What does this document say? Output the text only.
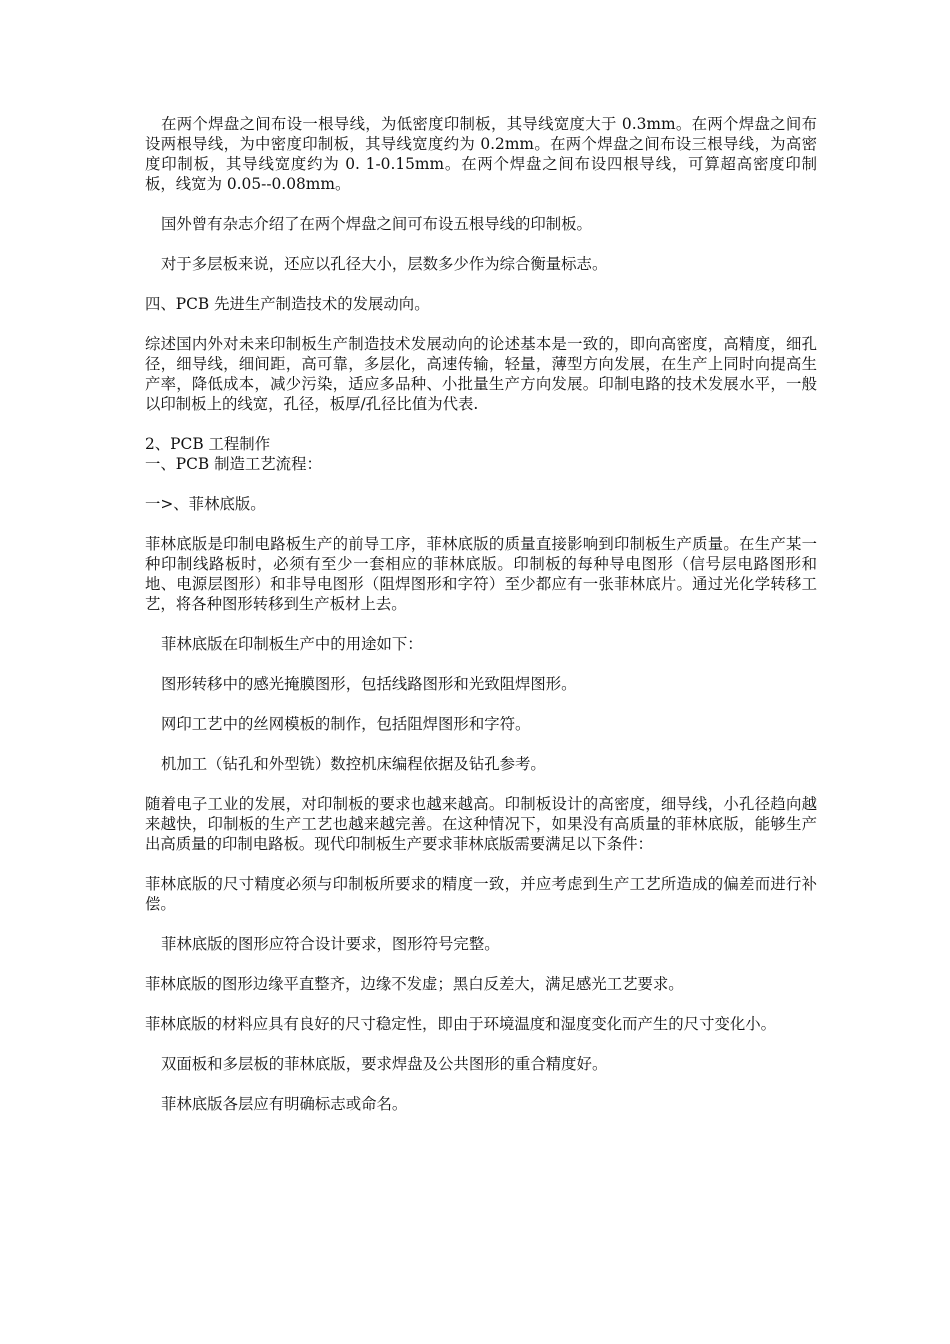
在两个焊盘之间布设一根导线，为低密度印制板，其导线宽度大于 0.3mm。在两个焊盘之间布设两根导线，为中密度印制板，其导线宽度约为 0.2mm。在两个焊盘之间布设三根导线，为高密度印制板，其导线宽度约为 0. 1-0.15mm。在两个焊盘之间布设四根导线，可算超高密度印制板，线宽为 0.05--0.08mm。

国外曾有杂志介绍了在两个焊盘之间可布设五根导线的印制板。

对于多层板来说，还应以孔径大小，层数多少作为综合衡量标志。

四、PCB 先进生产制造技术的发展动向。

综述国内外对未来印制板生产制造技术发展动向的论述基本是一致的，即向高密度，高精度，细孔径，细导线，细间距，高可靠，多层化，高速传输，轻量，薄型方向发展，在生产上同时向提高生产率，降低成本，减少污染，适应多品种、小批量生产方向发展。印制电路的技术发展水平，一般以印制板上的线宽，孔径，板厚/孔径比值为代表.

2、PCB 工程制作

一、PCB 制造工艺流程：

一>、菲林底版。

菲林底版是印制电路板生产的前导工序，菲林底版的质量直接影响到印制板生产质量。在生产某一种印制线路板时，必须有至少一套相应的菲林底版。印制板的每种导电图形（信号层电路图形和地、电源层图形）和非导电图形（阻焊图形和字符）至少都应有一张菲林底片。通过光化学转移工艺，将各种图形转移到生产板材上去。

菲林底版在印制板生产中的用途如下：

图形转移中的感光掩膜图形，包括线路图形和光致阻焊图形。

网印工艺中的丝网模板的制作，包括阻焊图形和字符。

机加工（钻孔和外型铣）数控机床编程依据及钻孔参考。

随着电子工业的发展，对印制板的要求也越来越高。印制板设计的高密度，细导线，小孔径趋向越来越快，印制板的生产工艺也越来越完善。在这种情况下，如果没有高质量的菲林底版，能够生产出高质量的印制电路板。现代印制板生产要求菲林底版需要满足以下条件：

菲林底版的尺寸精度必须与印制板所要求的精度一致，并应考虑到生产工艺所造成的偏差而进行补偿。

菲林底版的图形应符合设计要求，图形符号完整。

菲林底版的图形边缘平直整齐，边缘不发虚；黑白反差大，满足感光工艺要求。

菲林底版的材料应具有良好的尺寸稳定性，即由于环境温度和湿度变化而产生的尺寸变化小。

双面板和多层板的菲林底版，要求焊盘及公共图形的重合精度好。

菲林底版各层应有明确标志或命名。
